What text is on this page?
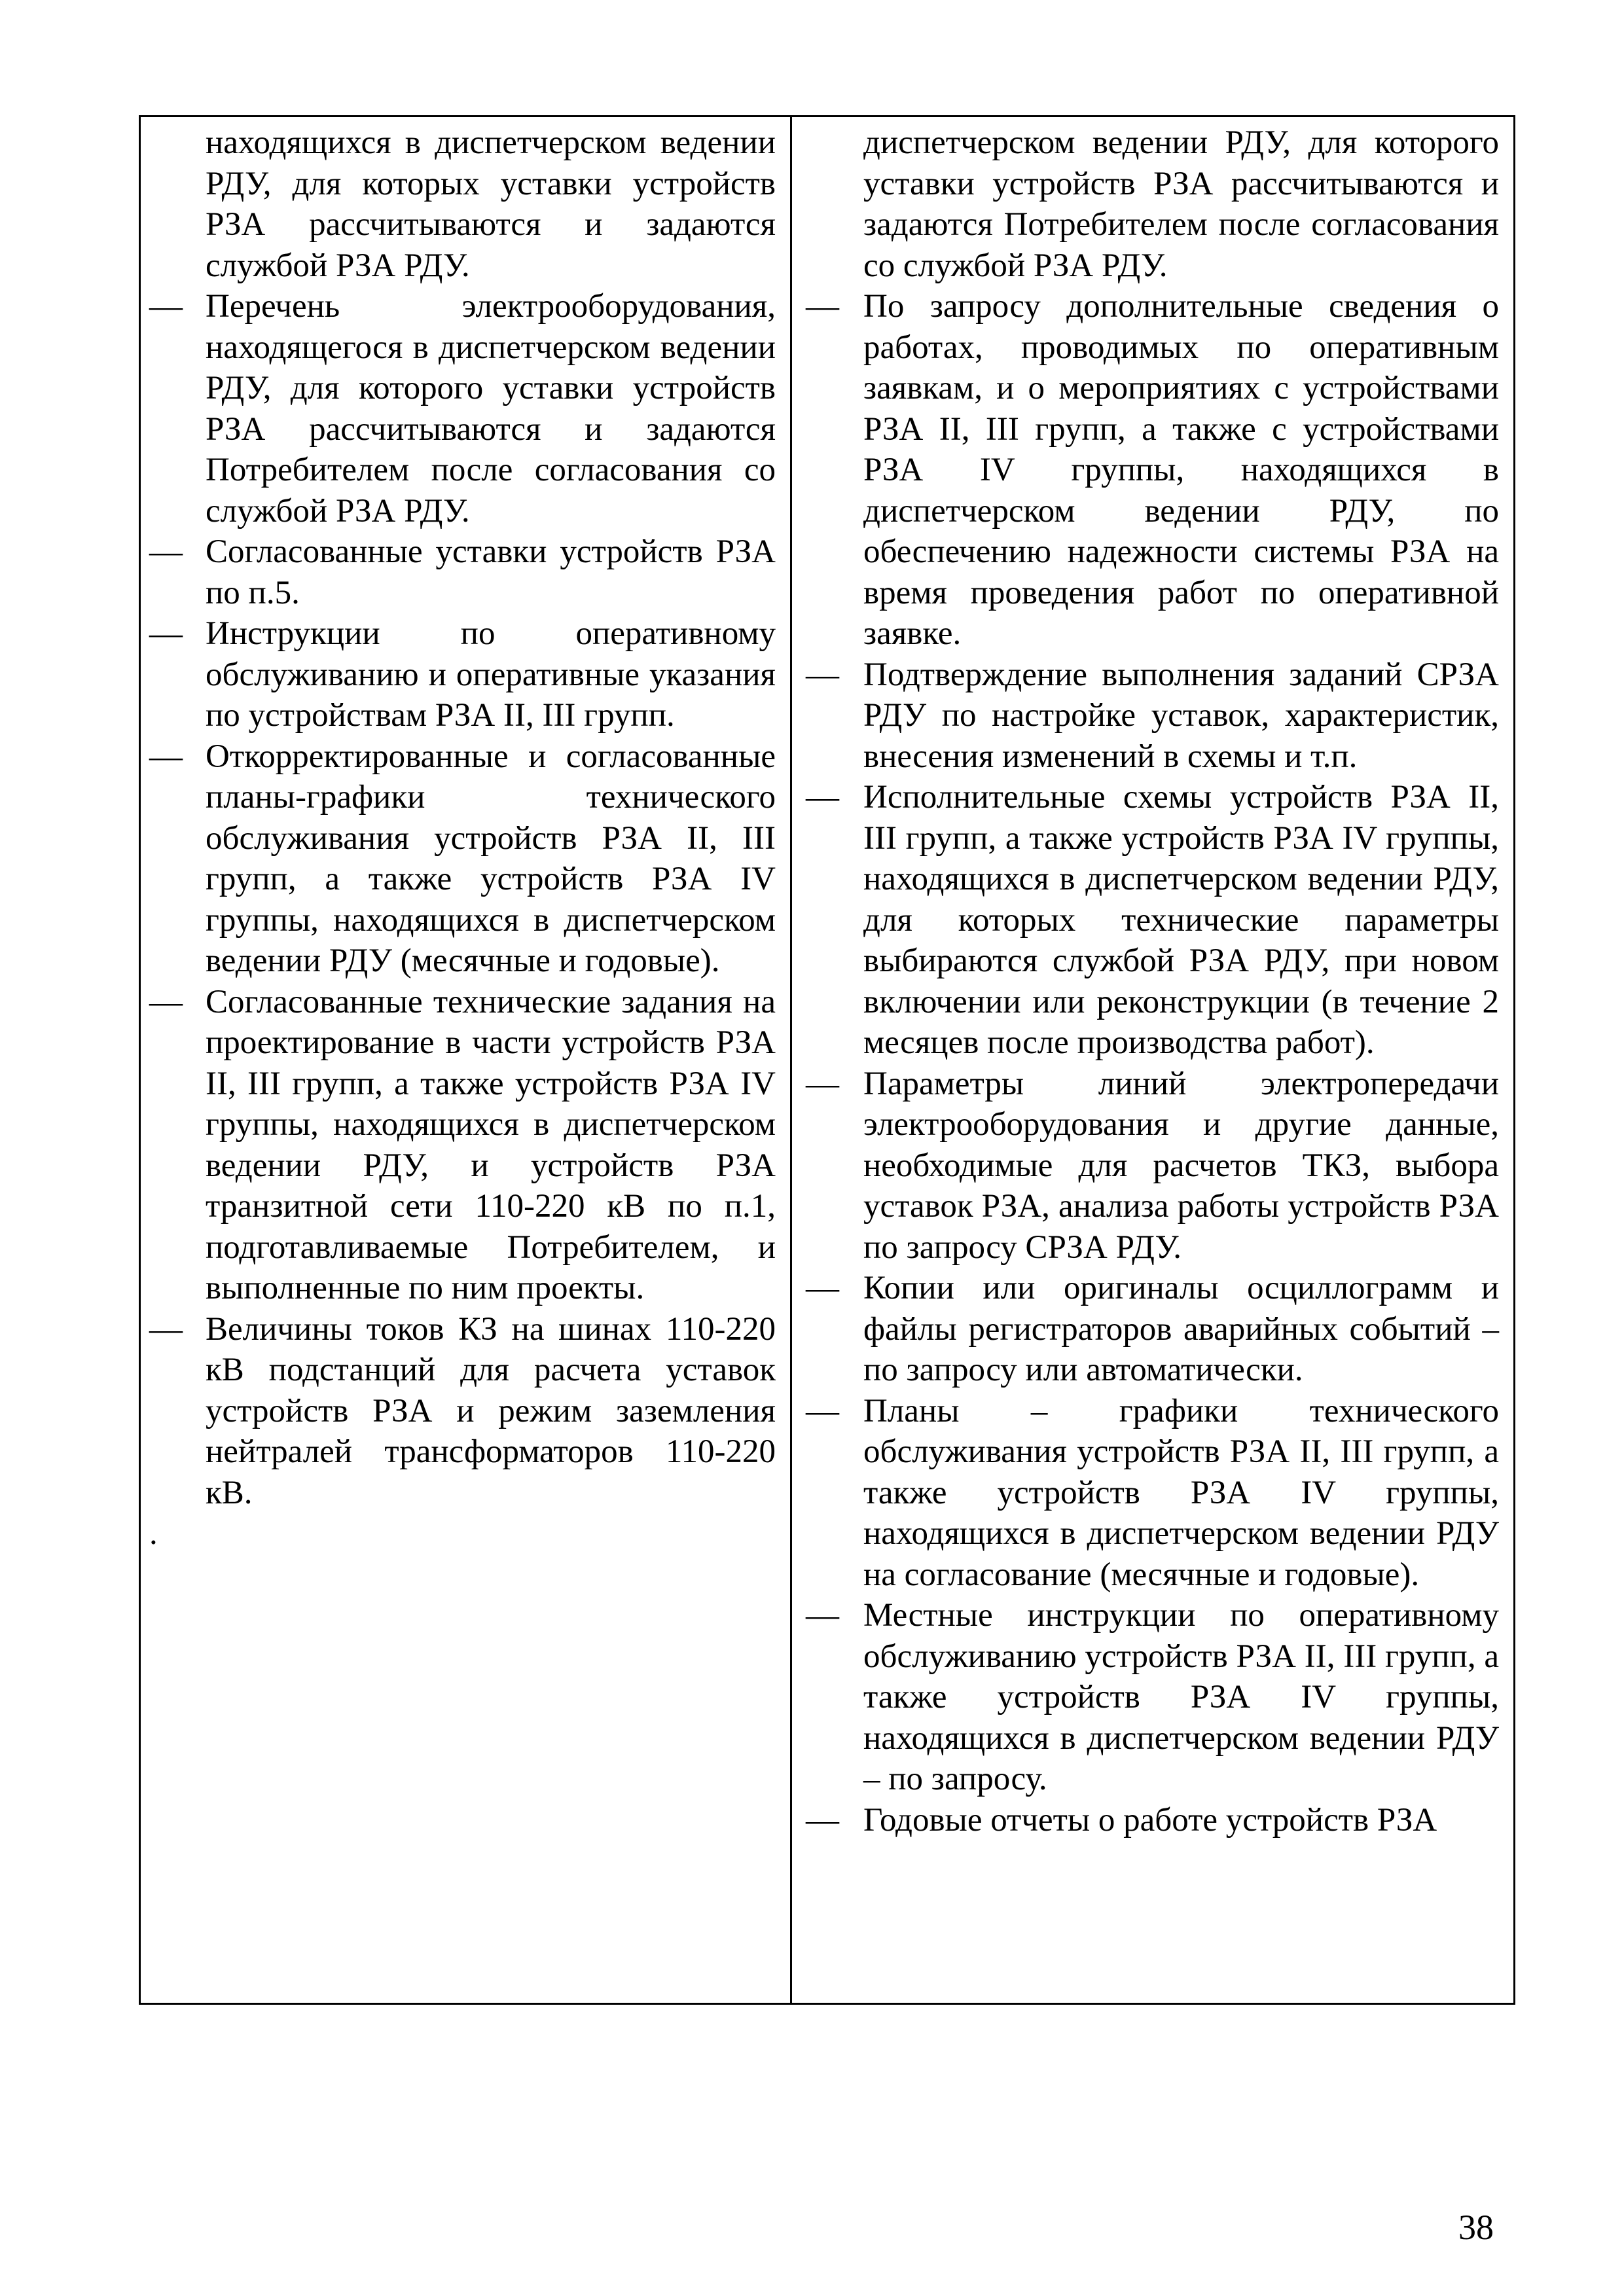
находящихся в диспетчерском ведении РДУ, для которых уставки устройств РЗА рассчитываются и задаются службой РЗА РДУ.

— Перечень электрооборудования, находящегося в диспетчерском ведении РДУ, для которого уставки устройств РЗА рассчитываются и задаются Потребителем после согласования со службой РЗА РДУ.

— Согласованные уставки устройств РЗА по п.5.

— Инструкции по оперативному обслуживанию и оперативные указания по устройствам РЗА II, III групп.

— Откорректированные и согласованные планы-графики технического обслуживания устройств РЗА II, III групп, а также устройств РЗА IV группы, находящихся в диспетчерском ведении РДУ (месячные и годовые).

— Согласованные технические задания на проектирование в части устройств РЗА II, III групп, а также устройств РЗА IV группы, находящихся в диспетчерском ведении РДУ, и устройств РЗА транзитной сети 110-220 кВ по п.1, подготавливаемые Потребителем, и выполненные по ним проекты.

— Величины токов КЗ на шинах 110-220 кВ подстанций для расчета уставок устройств РЗА и режим заземления нейтралей трансформаторов 110-220 кВ.

.

диспетчерском ведении РДУ, для которого уставки устройств РЗА рассчитываются и задаются Потребителем после согласования со службой РЗА РДУ.

— По запросу дополнительные сведения о работах, проводимых по оперативным заявкам, и о мероприятиях с устройствами РЗА II, III групп, а также с устройствами РЗА IV группы, находящихся в диспетчерском ведении РДУ, по обеспечению надежности системы РЗА на время проведения работ по оперативной заявке.

— Подтверждение выполнения заданий СРЗА РДУ по настройке уставок, характеристик, внесения изменений в схемы и т.п.

— Исполнительные схемы устройств РЗА II, III групп, а также устройств РЗА IV группы, находящихся в диспетчерском ведении РДУ, для которых технические параметры выбираются службой РЗА РДУ, при новом включении или реконструкции (в течение 2 месяцев после производства работ).

— Параметры линий электропередачи электрооборудования и другие данные, необходимые для расчетов ТКЗ, выбора уставок РЗА, анализа работы устройств РЗА по запросу СРЗА РДУ.

— Копии или оригиналы осциллограмм и файлы регистраторов аварийных событий – по запросу или автоматически.

— Планы – графики технического обслуживания устройств РЗА II, III групп, а также устройств РЗА IV группы, находящихся в диспетчерском ведении РДУ на согласование (месячные и годовые).

— Местные инструкции по оперативному обслуживанию устройств РЗА II, III групп, а также устройств РЗА IV группы, находящихся в диспетчерском ведении РДУ – по запросу.

— Годовые отчеты о работе устройств РЗА

38
